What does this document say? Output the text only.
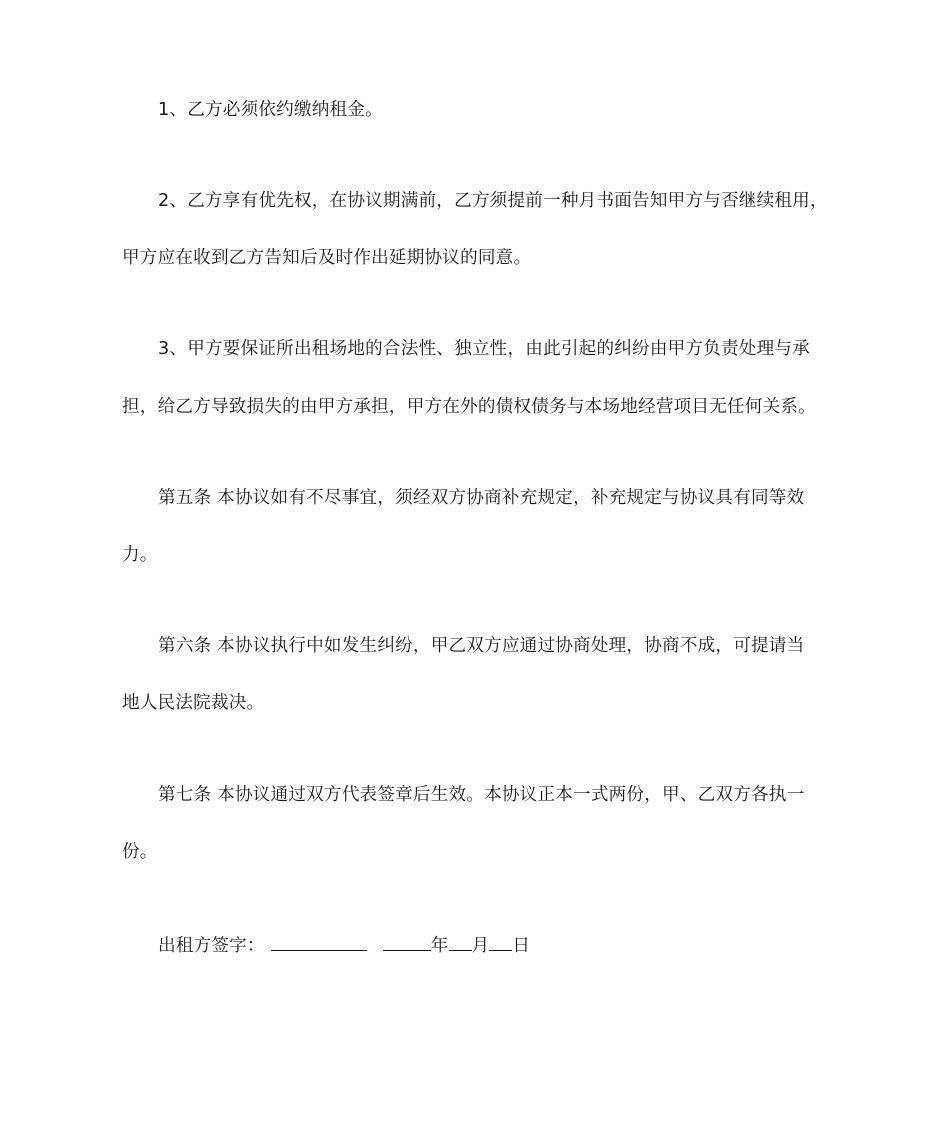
1、乙方必须依约缴纳租金。
2、乙方享有优先权，在协议期满前，乙方须提前一种月书面告知甲方与否继续租用，
甲方应在收到乙方告知后及时作出延期协议的同意。
3、甲方要保证所出租场地的合法性、独立性，由此引起的纠纷由甲方负责处理与承
担，给乙方导致损失的由甲方承担，甲方在外的债权债务与本场地经营项目无任何关系。
第五条 本协议如有不尽事宜，须经双方协商补充规定，补充规定与协议具有同等效
力。
第六条 本协议执行中如发生纠纷，甲乙双方应通过协商处理，协商不成，可提请当
地人民法院裁决。
第七条 本协议通过双方代表签章后生效。本协议正本一式两份，甲、乙双方各执一
份。
出租方签字：	年 月 日
